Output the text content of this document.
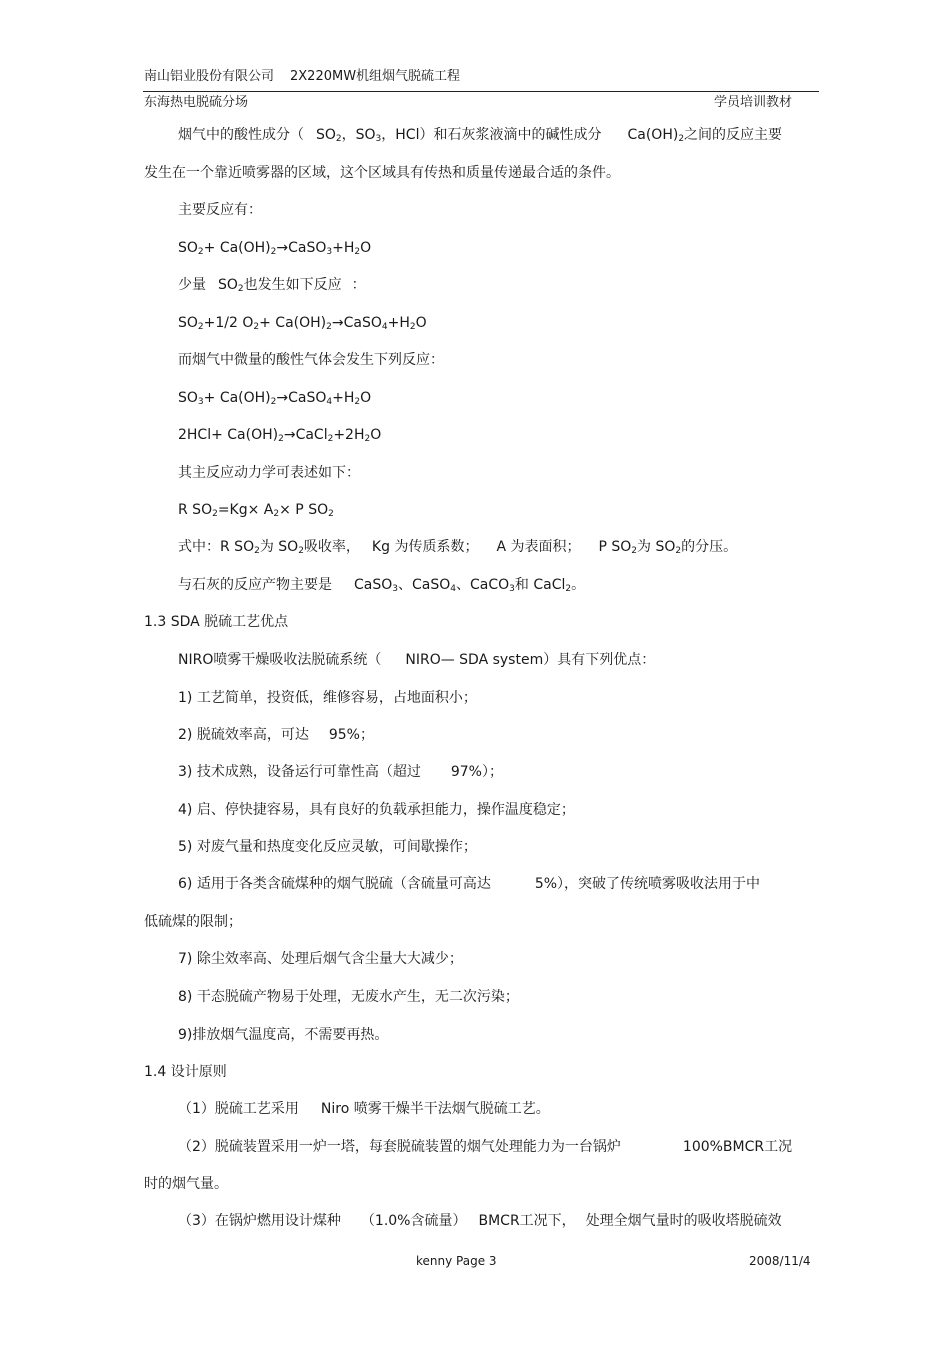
南山铝业股份有限公司 2X220MW机组烟气脱硫工程
东海热电脱硫分场	学员培训教材
烟气中的酸性成分（ $SO_2$，$SO_3$，HCl）和石灰浆液滴中的碱性成分 $Ca(OH)_2$之间的反应主要
发生在一个靠近喷雾器的区域，这个区域具有传热和质量传递最合适的条件。
主要反应有：
$SO_2+$ $Ca(OH)_2\to CaSO_3+H_2O$
少量 $SO_2$也发生如下反应 ：
$SO_2+1/2$ $O_2+$ $Ca(OH)_2\to CaSO_4+H_2O$
而烟气中微量的酸性气体会发生下列反应：
$SO_3+$ $Ca(OH)_2\to CaSO_4+H_2O$
$2HCl+ Ca(OH)_2\to CaCl_2+2H_2O$
其主反应动力学可表述如下：
R $SO_2=Kg\times A_2\times P$ $SO_2$
式中：R $SO_2$为 $SO_2$吸收率， Kg 为传质系数； A 为表面积； P $SO_2$为 $SO_2$的分压。
与石灰的反应产物主要是 CaSO$_3$、CaSO$_4$、CaCO$_3$和 CaCl$_2$。
1.3 SDA 脱硫工艺优点
NIRO喷雾干燥吸收法脱硫系统（ NIRO— SDA system）具有下列优点：
1) 工艺简单，投资低，维修容易，占地面积小；
2) 脱硫效率高，可达 95%；
3) 技术成熟，设备运行可靠性高（超过 97%）；
4) 启、停快捷容易，具有良好的负载承担能力，操作温度稳定；
5) 对废气量和热度变化反应灵敏，可间歇操作；
6) 适用于各类含硫煤种的烟气脱硫（含硫量可高达	5%），突破了传统喷雾吸收法用于中
低硫煤的限制；
7) 除尘效率高、处理后烟气含尘量大大减少；
8) 干态脱硫产物易于处理，无废水产生，无二次污染；
9)排放烟气温度高，不需要再热。
1.4 设计原则
（1）脱硫工艺采用 Niro 喷雾干燥半干法烟气脱硫工艺。
（2）脱硫装置采用一炉一塔，每套脱硫装置的烟气处理能力为一台锅炉	100%BMCR工况
时的烟气量。
（3）在锅炉燃用设计煤种 （1.0%含硫量） BMCR工况下， 处理全烟气量时的吸收塔脱硫效
kenny Page 3	2008/11/4
